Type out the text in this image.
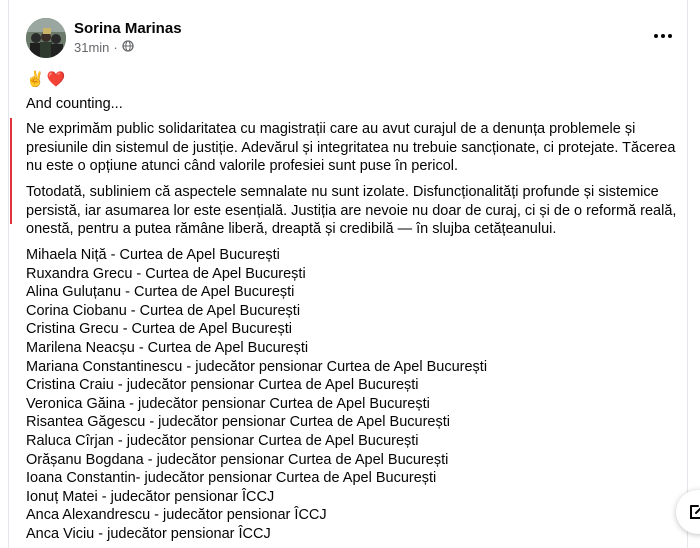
Sorina Marinas
31min ·
✌️ ❤️
And counting...
Ne exprimăm public solidaritatea cu magistrații care au avut curajul de a denunța problemele și presiunile din sistemul de justiție. Adevărul și integritatea nu trebuie sancționate, ci protejate. Tăcerea nu este o opțiune atunci când valorile profesiei sunt puse în pericol.
Totodată, subliniem că aspectele semnalate nu sunt izolate. Disfuncționalități profunde și sistemice persistă, iar asumarea lor este esențială. Justiția are nevoie nu doar de curaj, ci și de o reformă reală, onestă, pentru a putea rămâne liberă, dreaptă și credibilă — în slujba cetățeanului.
Mihaela Niță - Curtea de Apel București
Ruxandra Grecu - Curtea de Apel București
Alina Guluțanu - Curtea de Apel București
Corina Ciobanu - Curtea de Apel București
Cristina Grecu - Curtea de Apel București
Marilena Neacșu - Curtea de Apel București
Mariana Constantinescu - judecător pensionar Curtea de Apel București
Cristina Craiu - judecător pensionar Curtea de Apel București
Veronica Găina - judecător pensionar Curtea de Apel București
Risantea Găgescu - judecător pensionar Curtea de Apel București
Raluca Cîrjan - judecător pensionar Curtea de Apel București
Orășanu Bogdana - judecător pensionar Curtea de Apel București
Ioana Constantin- judecător pensionar Curtea de Apel București
Ionuț Matei - judecător pensionar ÎCCJ
Anca Alexandrescu - judecător pensionar ÎCCJ
Anca Viciu - judecător pensionar ÎCCJ
